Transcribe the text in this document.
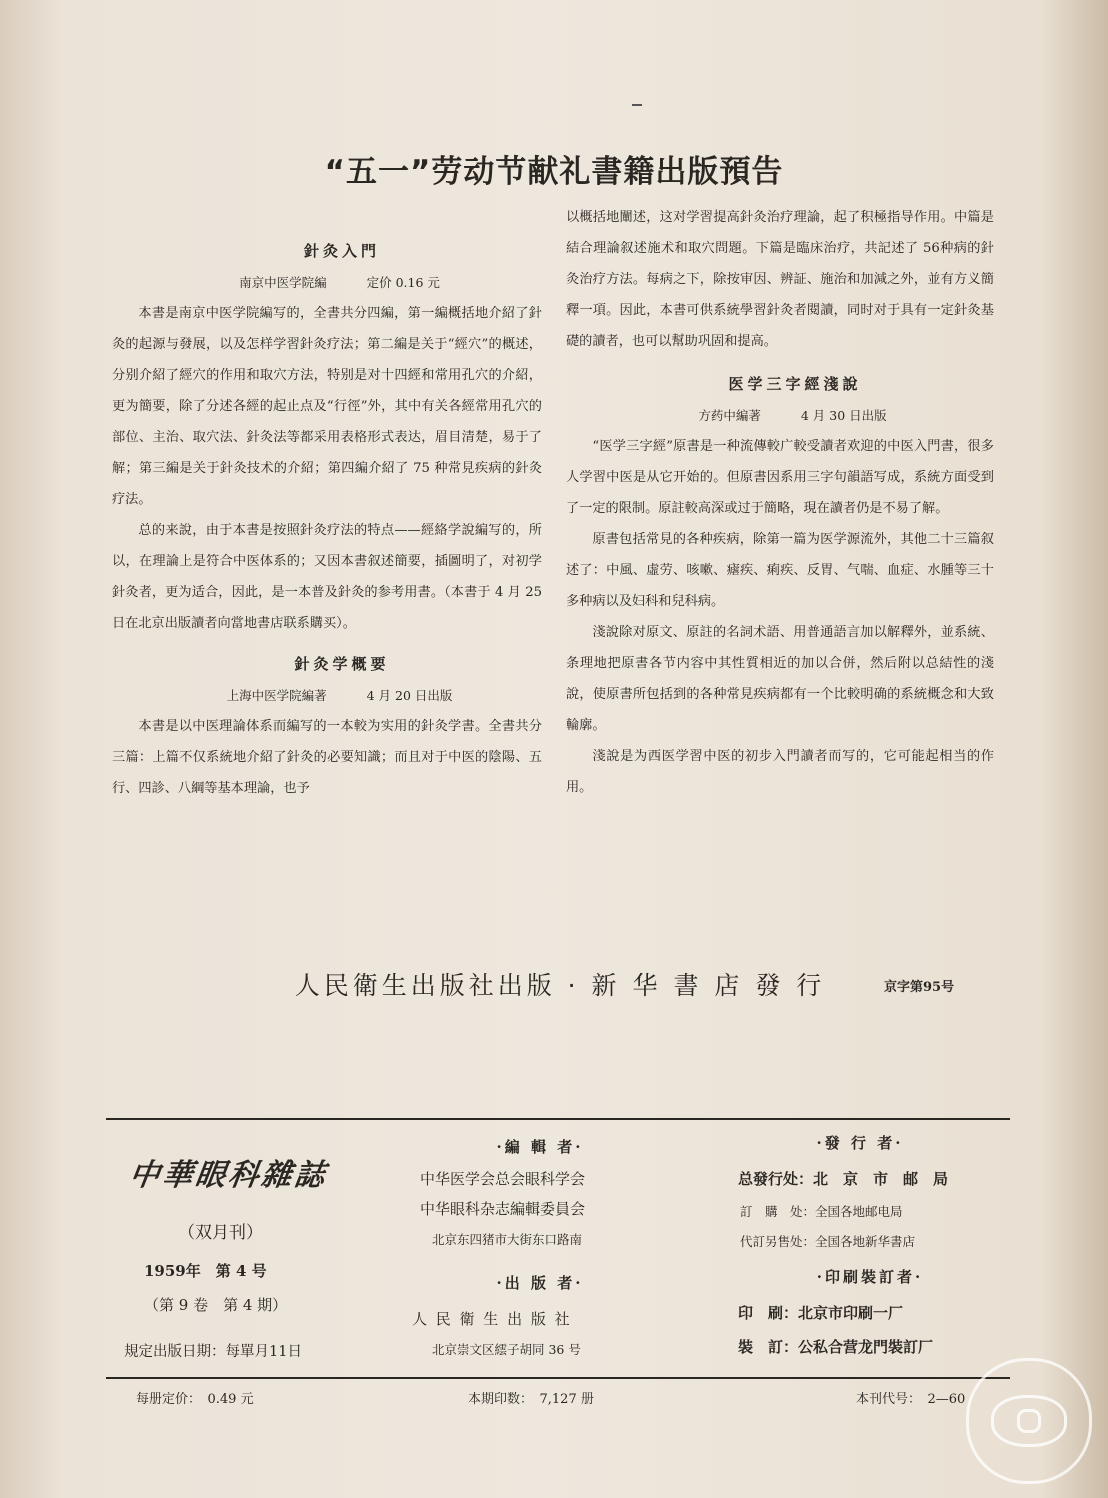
“五一”劳动节献礼書籍出版預告

針灸入門

南京中医学院編	定价 0.16 元

本書是南京中医学院編写的，全書共分四編，第一編概括地介紹了針灸的起源与發展，以及怎样学習針灸疗法；第二編是关于“經穴”的概述，分别介紹了經穴的作用和取穴方法，特别是对十四經和常用孔穴的介紹，更为簡要，除了分述各經的起止点及“行徑”外，其中有关各經常用孔穴的部位、主治、取穴法、針灸法等都采用表格形式表达，眉目清楚，易于了解；第三編是关于針灸技术的介紹；第四編介紹了 75 种常見疾病的針灸疗法。

总的来說，由于本書是按照針灸疗法的特点——經絡学說編写的，所以，在理論上是符合中医体系的；又因本書叙述簡要，插圖明了，对初学針灸者，更为适合，因此，是一本普及針灸的参考用書。（本書于 4 月 25 日在北京出版讀者向當地書店联系購买）。

針灸学概要

上海中医学院編著	4 月 20 日出版

本書是以中医理論体系而編写的一本較为实用的針灸学書。全書共分三篇：上篇不仅系統地介紹了針灸的必要知識；而且对于中医的陰陽、五行、四診、八綱等基本理論，也予

以概括地闡述，这对学習提高針灸治疗理論，起了积極指导作用。中篇是結合理論叙述施术和取穴問題。下篇是臨床治疗，共記述了 56种病的針灸治疗方法。每病之下，除按审因、辨証、施治和加減之外，並有方义簡釋一項。因此，本書可供系統學習針灸者閱讀，同时对于具有一定針灸基礎的讀者，也可以幫助巩固和提高。

医学三字經淺說

方药中編著	4 月 30 日出版

“医学三字經”原書是一种流傳較广較受讀者欢迎的中医入門書，很多人学習中医是从它开始的。但原書因系用三字句韻語写成，系統方面受到了一定的限制。原註較高深或过于簡略，現在讀者仍是不易了解。

原書包括常見的各种疾病，除第一篇为医学源流外，其他二十三篇叙述了：中風、虛劳、咳嗽、瘧疾、痢疾、反胃、气喘、血症、水腫等三十多种病以及妇科和兒科病。

淺說除对原文、原註的名詞术語、用普通語言加以解釋外，並系統、条理地把原書各节内容中其性質相近的加以合併，然后附以总結性的淺說，使原書所包括到的各种常見疾病都有一个比較明确的系統概念和大致輪廓。

淺說是为西医学習中医的初步入門讀者而写的，它可能起相当的作用。

人民衛生出版社出版 · 新 华 書 店 發 行	京字第95号
中華眼科雜誌
（双月刊）
1959年　第 4 号
（第 9 卷　第 4 期）
規定出版日期：每單月11日
·編 輯 者·
中华医学会总会眼科学会
中华眼科杂志編輯委員会
北京东四猪市大街东口路南
·出 版 者·
人 民 衛 生 出 版 社
北京崇文区繧子胡同 36 号
·發 行 者·
总發行处：北　京　市　邮　局
訂　購　处：全国各地邮电局
代訂另售处：全国各地新华書店
·印刷裝訂者·
印　刷：北京市印刷一厂
裝　訂：公私合营龙門裝訂厂
每册定价：　0.49 元	本期印数：　7,127 册	本刊代号：　2—60
